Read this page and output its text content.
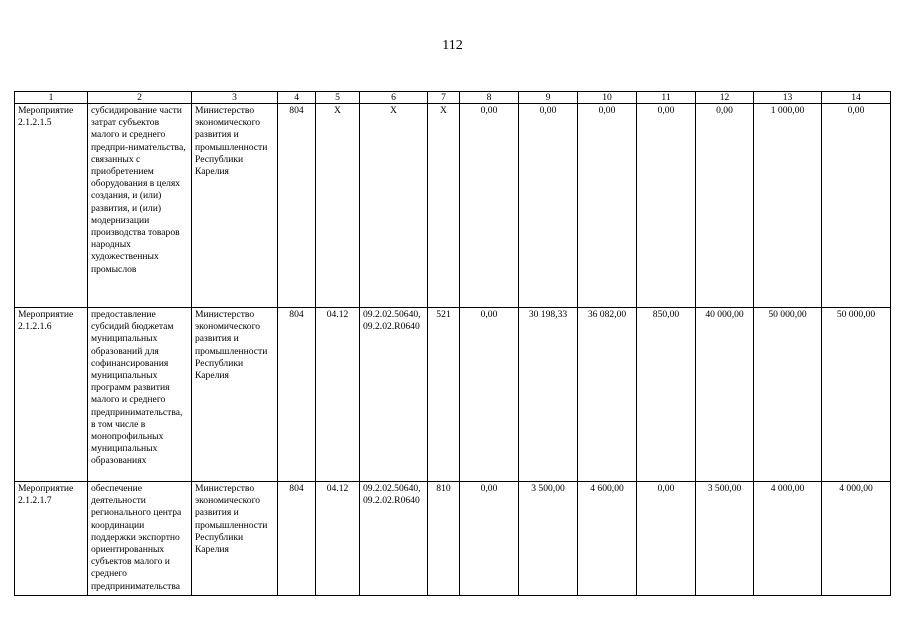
112
1	2	3	4	5	6	7	8	9	10	11	12	13	14
Мероприятие 2.1.2.1.5	субсидирование части затрат субъектов малого и среднего предпри-нимательства, связанных с приобретением оборудования в целях создания, и (или) развития, и (или) модернизации производства товаров народных художественных промыслов	Министерство экономического развития и промышленности Республики Карелия	804	X	X	X	0,00	0,00	0,00	0,00	0,00	1 000,00	0,00
Мероприятие 2.1.2.1.6	предоставление субсидий бюджетам муниципальных образований для софинансирования муниципальных программ развития малого и среднего предпринимательства, в том числе в монопрофильных муниципальных образованиях	Министерство экономического развития и промышленности Республики Карелия	804	04.12	09.2.02.50640, 09.2.02.R0640	521	0,00	30 198,33	36 082,00	850,00	40 000,00	50 000,00	50 000,00
Мероприятие 2.1.2.1.7	обеспечение деятельности регионального центра координации поддержки экспортно ориентированных субъектов малого и среднего предпринимательства	Министерство экономического развития и промышленности Республики Карелия	804	04.12	09.2.02.50640, 09.2.02.R0640	810	0,00	3 500,00	4 600,00	0,00	3 500,00	4 000,00	4 000,00
